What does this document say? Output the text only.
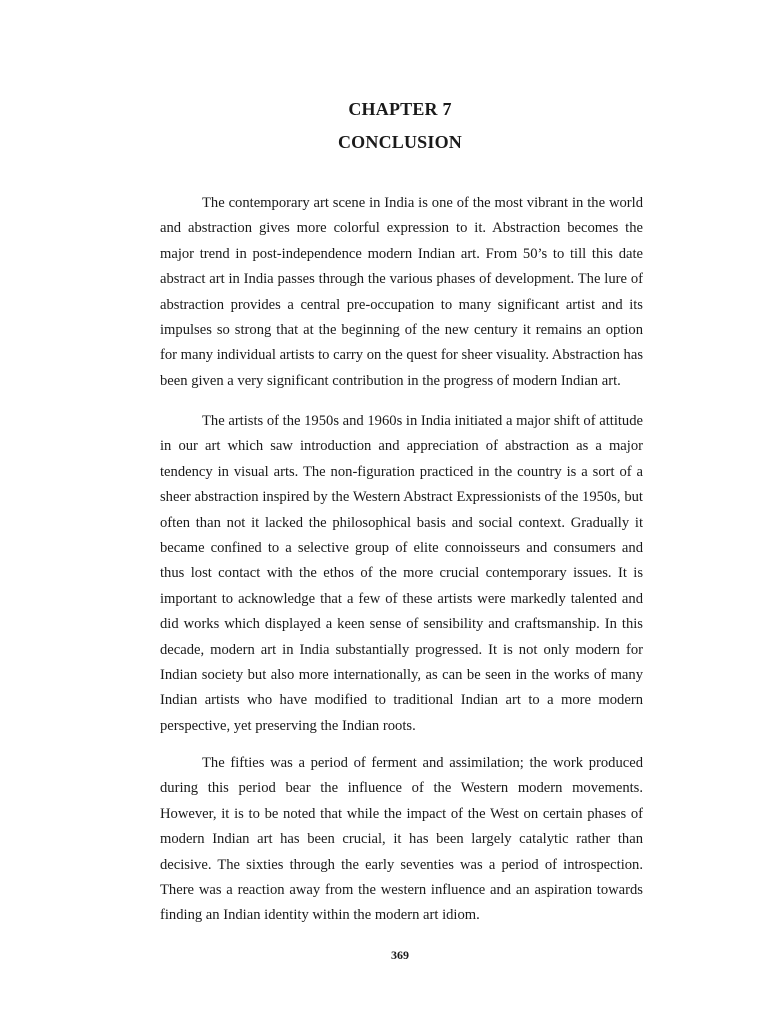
CHAPTER 7
CONCLUSION

The contemporary art scene in India is one of the most vibrant in the world and abstraction gives more colorful expression to it. Abstraction becomes the major trend in post-independence modern Indian art. From 50’s to till this date abstract art in India passes through the various phases of development. The lure of abstraction provides a central pre-occupation to many significant artist and its impulses so strong that at the beginning of the new century it remains an option for many individual artists to carry on the quest for sheer visuality. Abstraction has been given a very significant contribution in the progress of modern Indian art.

The artists of the 1950s and 1960s in India initiated a major shift of attitude in our art which saw introduction and appreciation of abstraction as a major tendency in visual arts. The non-figuration practiced in the country is a sort of a sheer abstraction inspired by the Western Abstract Expressionists of the 1950s, but often than not it lacked the philosophical basis and social context. Gradually it became confined to a selective group of elite connoisseurs and consumers and thus lost contact with the ethos of the more crucial contemporary issues. It is important to acknowledge that a few of these artists were markedly talented and did works which displayed a keen sense of sensibility and craftsmanship. In this decade, modern art in India substantially progressed. It is not only modern for Indian society but also more internationally, as can be seen in the works of many Indian artists who have modified to traditional Indian art to a more modern perspective, yet preserving the Indian roots.

The fifties was a period of ferment and assimilation; the work produced during this period bear the influence of the Western modern movements. However, it is to be noted that while the impact of the West on certain phases of modern Indian art has been crucial, it has been largely catalytic rather than decisive. The sixties through the early seventies was a period of introspection. There was a reaction away from the western influence and an aspiration towards finding an Indian identity within the modern art idiom.

369
